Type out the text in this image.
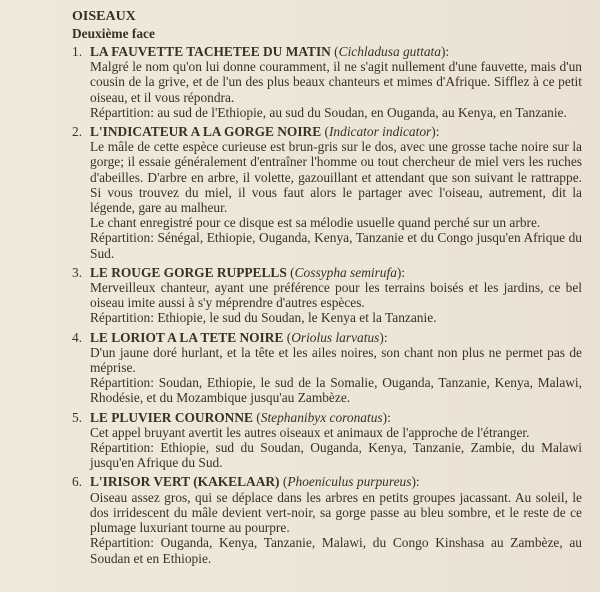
OISEAUX
Deuxième face
1. LA FAUVETTE TACHETEE DU MATIN (Cichladusa guttata):
Malgré le nom qu'on lui donne couramment, il ne s'agit nullement d'une fauvette, mais d'un cousin de la grive, et de l'un des plus beaux chanteurs et mimes d'Afrique. Sifflez à ce petit oiseau, et il vous répondra.
Répartition: au sud de l'Ethiopie, au sud du Soudan, en Ouganda, au Kenya, en Tanzanie.
2. L'INDICATEUR A LA GORGE NOIRE (Indicator indicator):
Le mâle de cette espèce curieuse est brun-gris sur le dos, avec une grosse tache noire sur la gorge; il essaie généralement d'entraîner l'homme ou tout chercheur de miel vers les ruches d'abeilles. D'arbre en arbre, il volette, gazouillant et attendant que son suivant le rattrappe. Si vous trouvez du miel, il vous faut alors le partager avec l'oiseau, autrement, dit la légende, gare au malheur.
Le chant enregistré pour ce disque est sa mélodie usuelle quand perché sur un arbre.
Répartition: Sénégal, Ethiopie, Ouganda, Kenya, Tanzanie et du Congo jusqu'en Afrique du Sud.
3. LE ROUGE GORGE RUPPELLS (Cossypha semirufa):
Merveilleux chanteur, ayant une préférence pour les terrains boisés et les jardins, ce bel oiseau imite aussi à s'y méprendre d'autres espèces.
Répartition: Ethiopie, le sud du Soudan, le Kenya et la Tanzanie.
4. LE LORIOT A LA TETE NOIRE (Oriolus larvatus):
D'un jaune doré hurlant, et la tête et les ailes noires, son chant non plus ne permet pas de méprise.
Répartition: Soudan, Ethiopie, le sud de la Somalie, Ouganda, Tanzanie, Kenya, Malawi, Rhodésie, et du Mozambique jusqu'au Zambèze.
5. LE PLUVIER COURONNE (Stephanibyx coronatus):
Cet appel bruyant avertit les autres oiseaux et animaux de l'approche de l'étranger.
Répartition: Ethiopie, sud du Soudan, Ouganda, Kenya, Tanzanie, Zambie, du Malawi jusqu'en Afrique du Sud.
6. L'IRISOR VERT (KAKELAAR) (Phoeniculus purpureus):
Oiseau assez gros, qui se déplace dans les arbres en petits groupes jacassant. Au soleil, le dos irridescent du mâle devient vert-noir, sa gorge passe au bleu sombre, et le reste de ce plumage luxuriant tourne au pourpre.
Répartition: Ouganda, Kenya, Tanzanie, Malawi, du Congo Kinshasa au Zambèze, au Soudan et en Ethiopie.
